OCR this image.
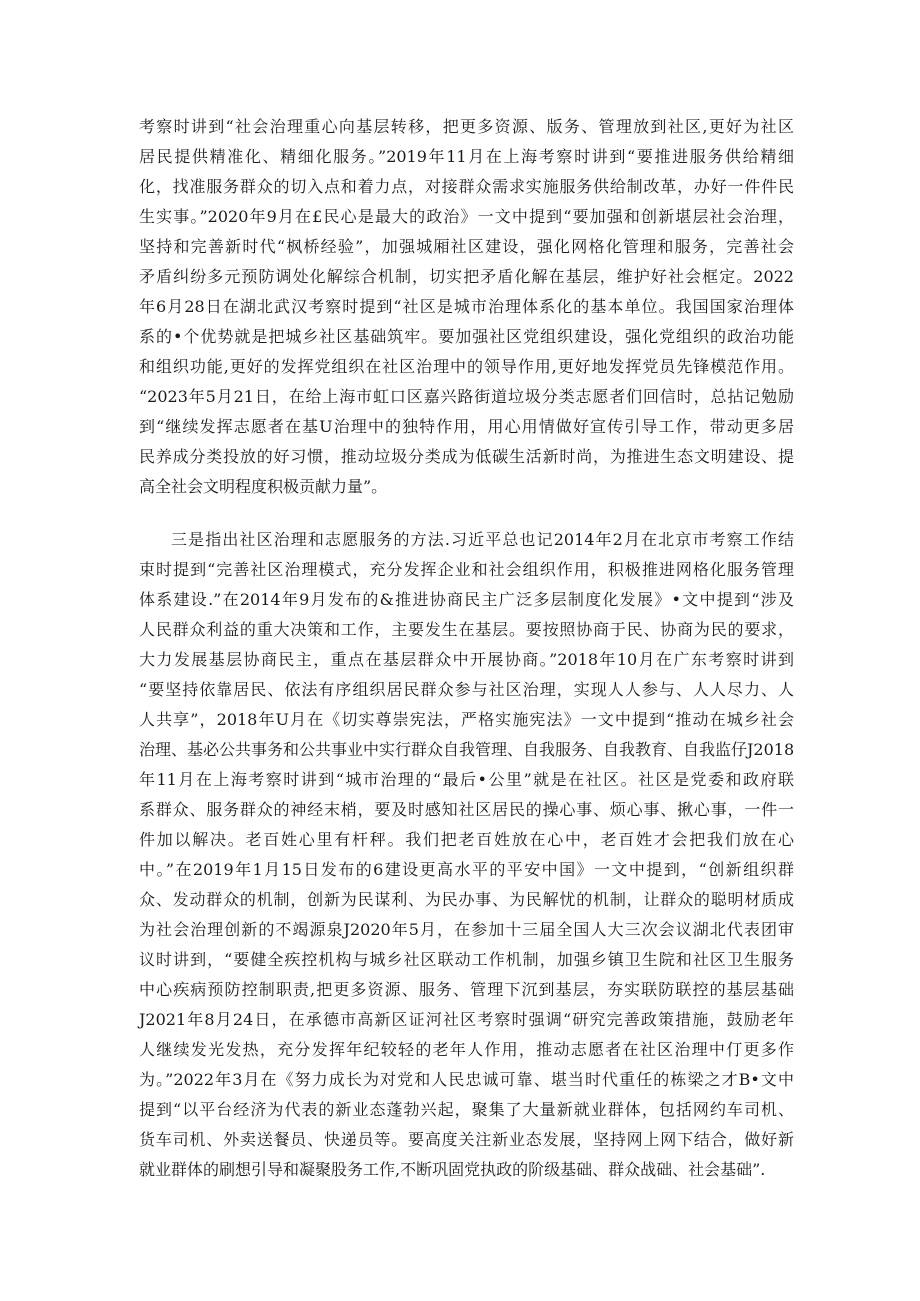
考察时讲到“社会治理重心向基层转移，把更多资源、版务、管理放到社区,更好为社区
居民提供精准化、精细化服务。”2019年11月在上海考察时讲到“要推进服务供给精细
化，找准服务群众的切入点和着力点，对接群众需求实施服务供给制改革，办好一件件民
生实事。”2020年9月在£民心是最大的政治》一文中提到“要加强和创新堪层社会治理，
坚持和完善新时代“枫桥经验”，加强城厢社区建设，强化网格化管理和服务，完善社会
矛盾纠纷多元预防调处化解综合机制，切实把矛盾化解在基层，维护好社会框定。2022
年6月28日在湖北武汉考察时提到“社区是城市治理体系化的基本单位。我国国家治理体
系的•个优势就是把城乡社区基础筑牢。要加强社区党组织建设，强化党组织的政治功能
和组织功能,更好的发挥党组织在社区治理中的领导作用,更好地发挥党员先锋模范作用。
“2023年5月21日，在给上海市虹口区嘉兴路街道垃圾分类志愿者们回信时，总拈记勉励
到“继续发挥志愿者在基U治理中的独特作用，用心用情做好宣传引导工作，带动更多居
民养成分类投放的好习惯，推动垃圾分类成为低碳生活新时尚，为推进生态文明建设、提
高全社会文明程度积极贡献力量”。
三是指出社区治理和志愿服务的方法.习近平总也记2014年2月在北京市考察工作结
束时提到“完善社区治理模式，充分发挥企业和社会组织作用，积极推进网格化服务管理
体系建设.”在2014年9月发布的&推进协商民主广泛多层制度化发展》•文中提到“涉及
人民群众利益的重大决策和工作，主要发生在基层。要按照协商于民、协商为民的要求，
大力发展基层协商民主，重点在基层群众中开展协商。”2018年10月在广东考察时讲到
“要坚持依靠居民、依法有序组织居民群众参与社区治理，实现人人参与、人人尽力、人
人共享”，2018年U月在《切实尊崇宪法，严格实施宪法》一文中提到“推动在城乡社会
治理、基必公共事务和公共事业中实行群众自我管理、自我服务、自我教育、自我监仔J2018
年11月在上海考察时讲到“城市治理的“最后•公里”就是在社区。社区是党委和政府联
系群众、服务群众的神经末梢，要及时感知社区居民的操心事、烦心事、揪心事，一件一
件加以解决。老百姓心里有杆秤。我们把老百姓放在心中，老百姓才会把我们放在心
中。”在2019年1月15日发布的6建设更高水平的平安中国》一文中提到，“创新组织群
众、发动群众的机制，创新为民谋利、为民办事、为民解忧的机制，让群众的聪明材质成
为社会治理创新的不竭源泉J2020年5月，在参加十三届全国人大三次会议湖北代表团审
议时讲到，“要健全疾控机构与城乡社区联动工作机制，加强乡镇卫生院和社区卫生服务
中心疾病预防控制职责,把更多资源、服务、管理下沉到基层，夯实联防联控的基层基础
J2021年8月24日，在承德市高新区证河社区考察时强调“研究完善政策措施，鼓励老年
人继续发光发热，充分发挥年纪较轻的老年人作用，推动志愿者在社区治理中仃更多作
为。”2022年3月在《努力成长为对党和人民忠诚可靠、堪当时代重任的栋梁之才B•文中
提到“以平台经济为代表的新业态蓬勃兴起，聚集了大量新就业群体，包括网约车司机、
货车司机、外卖送餐员、快递员等。要高度关注新业态发展，坚持网上网下结合，做好新
就业群体的刷想引导和凝聚股务工作,不断巩固党执政的阶级基础、群众战础、社会基础”.
